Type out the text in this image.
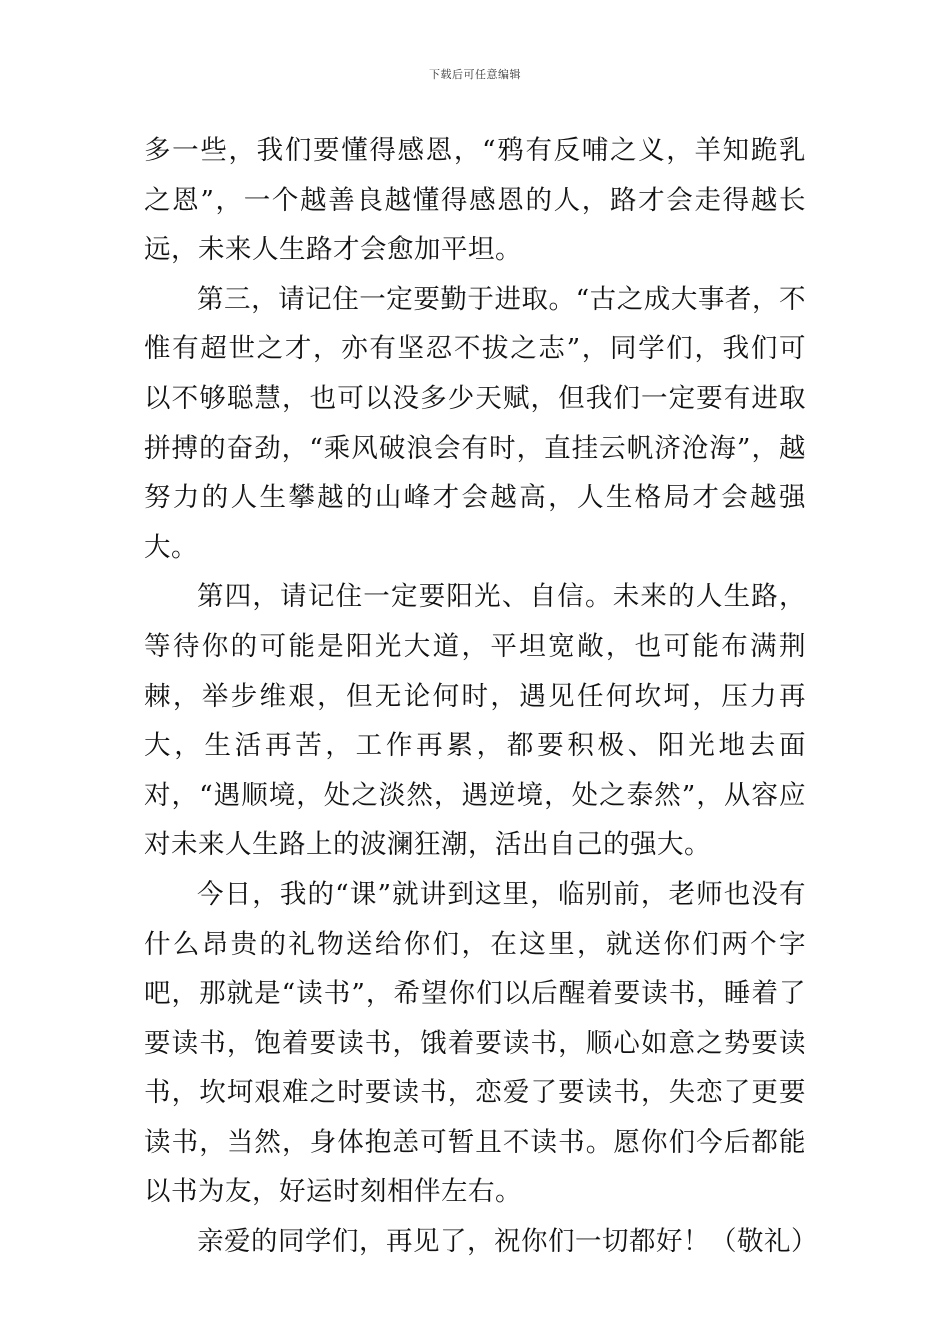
下载后可任意编辑

多一些，我们要懂得感恩，“鸦有反哺之义，羊知跪乳之恩”，一个越善良越懂得感恩的人，路才会走得越长远，未来人生路才会愈加平坦。

第三，请记住一定要勤于进取。“古之成大事者，不惟有超世之才，亦有坚忍不拔之志”，同学们，我们可以不够聪慧，也可以没多少天赋，但我们一定要有进取拼搏的奋劲，“乘风破浪会有时，直挂云帆济沧海”，越努力的人生攀越的山峰才会越高，人生格局才会越强大。

第四，请记住一定要阳光、自信。未来的人生路，等待你的可能是阳光大道，平坦宽敞，也可能布满荆棘，举步维艰，但无论何时，遇见任何坎坷，压力再大，生活再苦，工作再累，都要积极、阳光地去面对，“遇顺境，处之淡然，遇逆境，处之泰然”，从容应对未来人生路上的波澜狂潮，活出自己的强大。

今日，我的“课”就讲到这里，临别前，老师也没有什么昂贵的礼物送给你们，在这里，就送你们两个字吧，那就是“读书”，希望你们以后醒着要读书，睡着了要读书，饱着要读书，饿着要读书，顺心如意之势要读书，坎坷艰难之时要读书，恋爱了要读书，失恋了更要读书，当然，身体抱恙可暂且不读书。愿你们今后都能以书为友，好运时刻相伴左右。

亲爱的同学们，再见了，祝你们一切都好！（敬礼）
